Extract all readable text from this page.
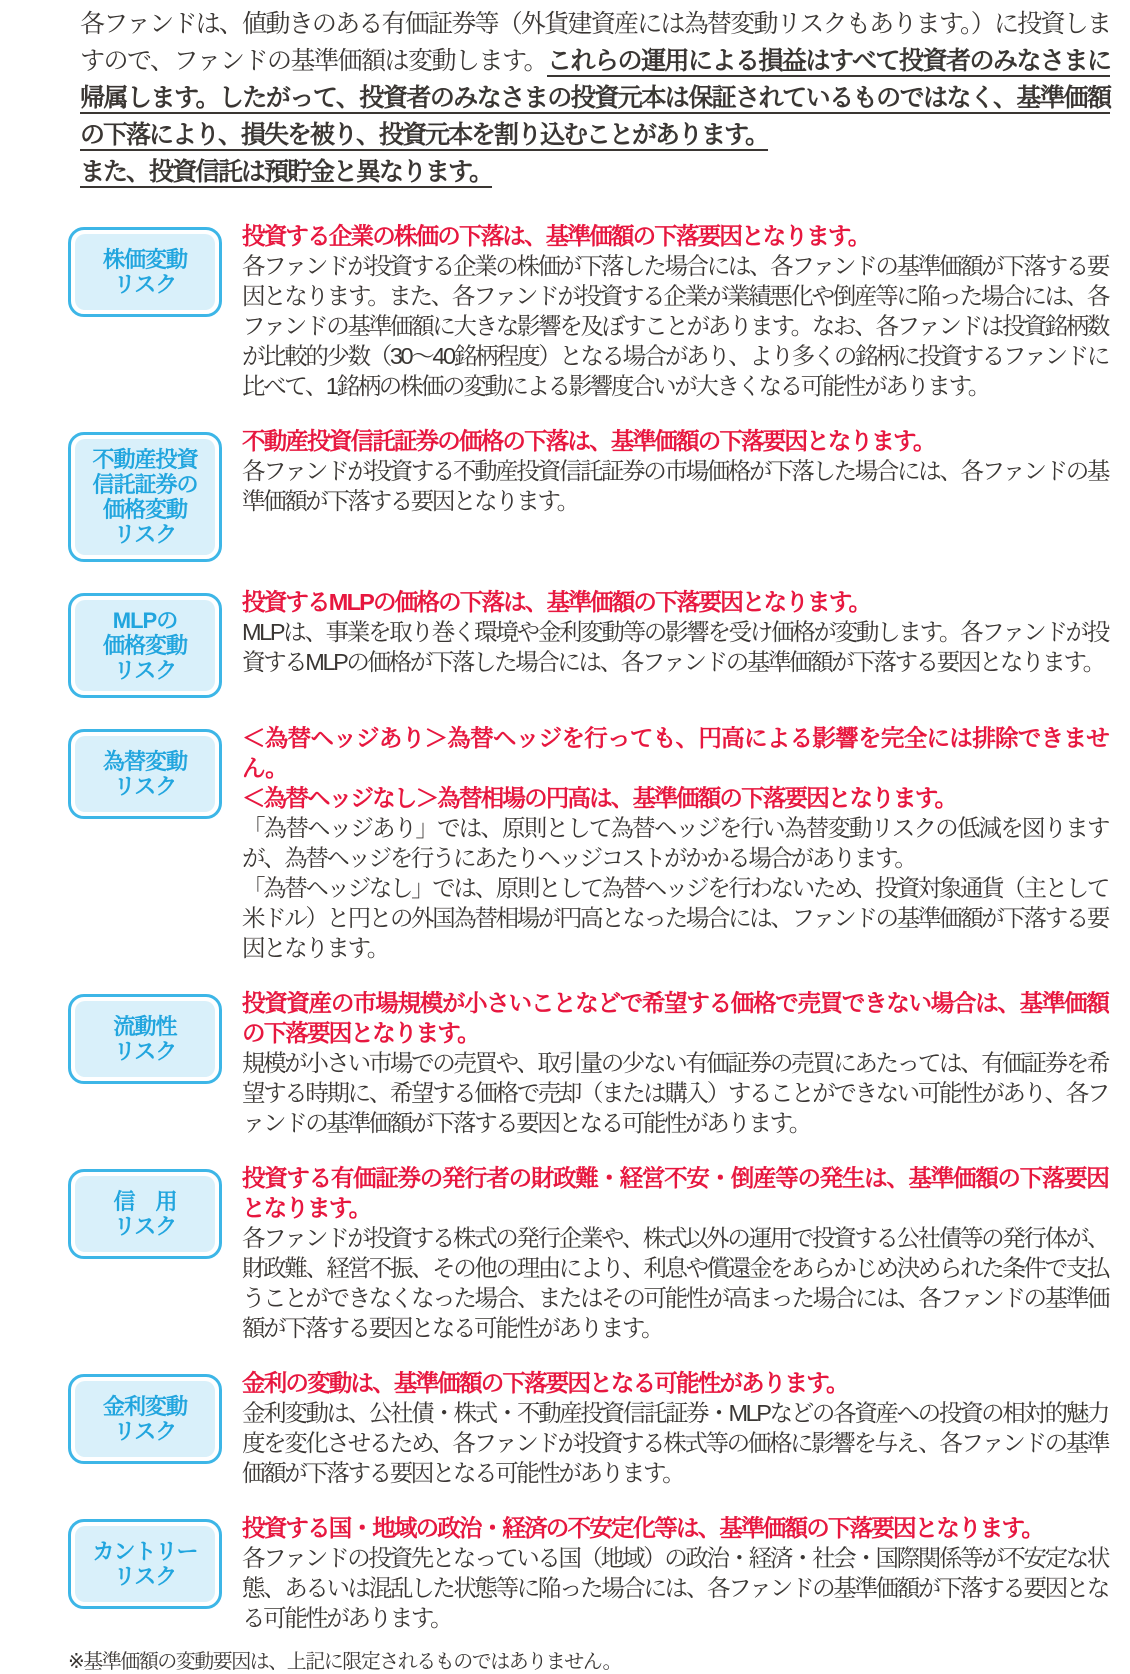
各ファンドは、値動きのある有価証券等（外貨建資産には為替変動リスクもあります。）に投資しますので、ファンドの基準価額は変動します。これらの運用による損益はすべて投資者のみなさまに帰属します。したがって、投資者のみなさまの投資元本は保証されているものではなく、基準価額の下落により、損失を被り、投資元本を割り込むことがあります。
また、投資信託は預貯金と異なります。

株価変動
リスク

投資する企業の株価の下落は、基準価額の下落要因となります。

各ファンドが投資する企業の株価が下落した場合には、各ファンドの基準価額が下落する要因となります。また、各ファンドが投資する企業が業績悪化や倒産等に陥った場合には、各ファンドの基準価額に大きな影響を及ぼすことがあります。なお、各ファンドは投資銘柄数が比較的少数（30～40銘柄程度）となる場合があり、より多くの銘柄に投資するファンドに比べて、1銘柄の株価の変動による影響度合いが大きくなる可能性があります。

不動産投資
信託証券の
価格変動
リスク

不動産投資信託証券の価格の下落は、基準価額の下落要因となります。

各ファンドが投資する不動産投資信託証券の市場価格が下落した場合には、各ファンドの基準価額が下落する要因となります。

MLPの
価格変動
リスク

投資するMLPの価格の下落は、基準価額の下落要因となります。

MLPは、事業を取り巻く環境や金利変動等の影響を受け価格が変動します。各ファンドが投資するMLPの価格が下落した場合には、各ファンドの基準価額が下落する要因となります。

為替変動
リスク

＜為替ヘッジあり＞為替ヘッジを行っても、円高による影響を完全には排除できません。
＜為替ヘッジなし＞為替相場の円高は、基準価額の下落要因となります。

「為替ヘッジあり」では、原則として為替ヘッジを行い為替変動リスクの低減を図りますが、為替ヘッジを行うにあたりヘッジコストがかかる場合があります。

「為替ヘッジなし」では、原則として為替ヘッジを行わないため、投資対象通貨（主として米ドル）と円との外国為替相場が円高となった場合には、ファンドの基準価額が下落する要因となります。

流動性
リスク

投資資産の市場規模が小さいことなどで希望する価格で売買できない場合は、基準価額の下落要因となります。

規模が小さい市場での売買や、取引量の少ない有価証券の売買にあたっては、有価証券を希望する時期に、希望する価格で売却（または購入）することができない可能性があり、各ファンドの基準価額が下落する要因となる可能性があります。

信　用
リスク

投資する有価証券の発行者の財政難・経営不安・倒産等の発生は、基準価額の下落要因となります。

各ファンドが投資する株式の発行企業や、株式以外の運用で投資する公社債等の発行体が、財政難、経営不振、その他の理由により、利息や償還金をあらかじめ決められた条件で支払うことができなくなった場合、またはその可能性が高まった場合には、各ファンドの基準価額が下落する要因となる可能性があります。

金利変動
リスク

金利の変動は、基準価額の下落要因となる可能性があります。

金利変動は、公社債・株式・不動産投資信託証券・MLPなどの各資産への投資の相対的魅力度を変化させるため、各ファンドが投資する株式等の価格に影響を与え、各ファンドの基準価額が下落する要因となる可能性があります。

カントリー
リスク

投資する国・地域の政治・経済の不安定化等は、基準価額の下落要因となります。

各ファンドの投資先となっている国（地域）の政治・経済・社会・国際関係等が不安定な状態、あるいは混乱した状態等に陥った場合には、各ファンドの基準価額が下落する要因となる可能性があります。

※基準価額の変動要因は、上記に限定されるものではありません。
